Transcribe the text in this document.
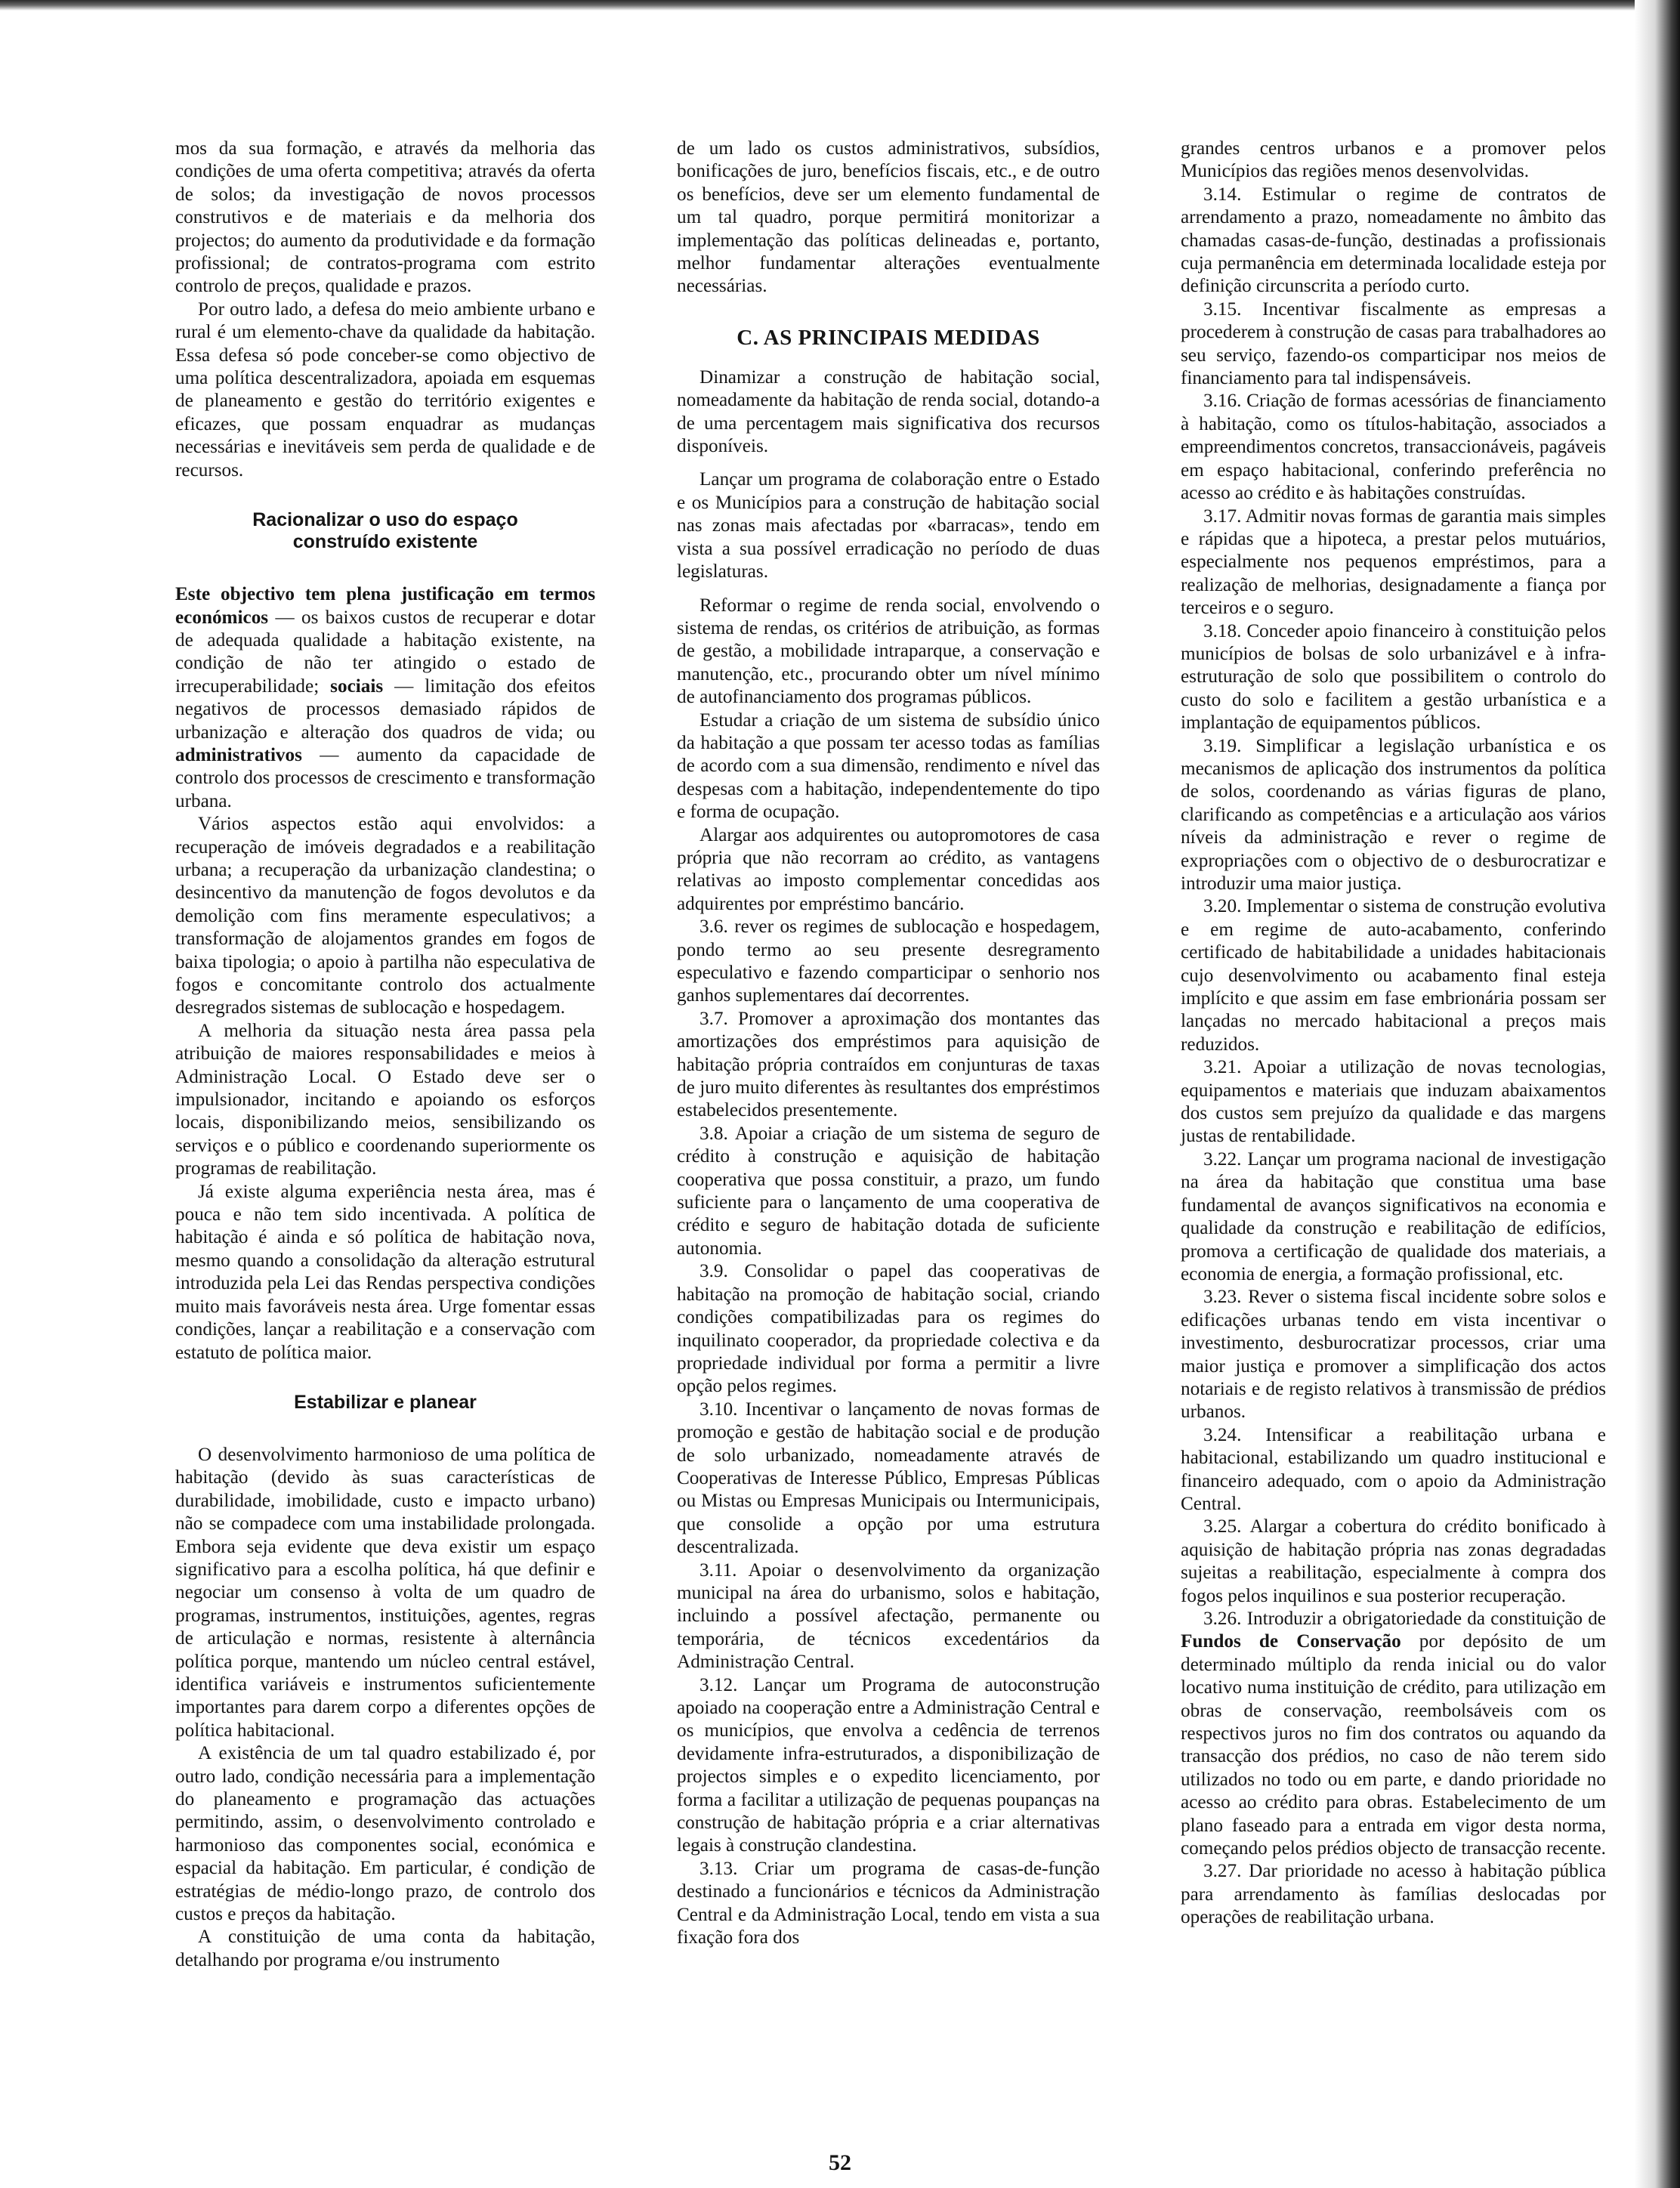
mos da sua formação, e através da melhoria das condições de uma oferta competitiva; através da oferta de solos; da investigação de novos processos construtivos e de materiais e da melhoria dos projectos; do aumento da produtividade e da formação profissional; de contratos-programa com estrito controlo de preços, qualidade e prazos.

Por outro lado, a defesa do meio ambiente urbano e rural é um elemento-chave da qualidade da habitação. Essa defesa só pode conceber-se como objectivo de uma política descentralizadora, apoiada em esquemas de planeamento e gestão do território exigentes e eficazes, que possam enquadrar as mudanças necessárias e inevitáveis sem perda de qualidade e de recursos.

Racionalizar o uso do espaço
construído existente

Este objectivo tem plena justificação em termos económicos — os baixos custos de recuperar e dotar de adequada qualidade a habitação existente, na condição de não ter atingido o estado de irrecuperabilidade; sociais — limitação dos efeitos negativos de processos demasiado rápidos de urbanização e alteração dos quadros de vida; ou administrativos — aumento da capacidade de controlo dos processos de crescimento e transformação urbana.

Vários aspectos estão aqui envolvidos: a recuperação de imóveis degradados e a reabilitação urbana; a recuperação da urbanização clandestina; o desincentivo da manutenção de fogos devolutos e da demolição com fins meramente especulativos; a transformação de alojamentos grandes em fogos de baixa tipologia; o apoio à partilha não especulativa de fogos e concomitante controlo dos actualmente desregrados sistemas de sublocação e hospedagem.

A melhoria da situação nesta área passa pela atribuição de maiores responsabilidades e meios à Administração Local. O Estado deve ser o impulsionador, incitando e apoiando os esforços locais, disponibilizando meios, sensibilizando os serviços e o público e coordenando superiormente os programas de reabilitação.

Já existe alguma experiência nesta área, mas é pouca e não tem sido incentivada. A política de habitação é ainda e só política de habitação nova, mesmo quando a consolidação da alteração estrutural introduzida pela Lei das Rendas perspectiva condições muito mais favoráveis nesta área. Urge fomentar essas condições, lançar a reabilitação e a conservação com estatuto de política maior.

Estabilizar e planear

O desenvolvimento harmonioso de uma política de habitação (devido às suas características de durabilidade, imobilidade, custo e impacto urbano) não se compadece com uma instabilidade prolongada. Embora seja evidente que deva existir um espaço significativo para a escolha política, há que definir e negociar um consenso à volta de um quadro de programas, instrumentos, instituições, agentes, regras de articulação e normas, resistente à alternância política porque, mantendo um núcleo central estável, identifica variáveis e instrumentos suficientemente importantes para darem corpo a diferentes opções de política habitacional.

A existência de um tal quadro estabilizado é, por outro lado, condição necessária para a implementação do planeamento e programação das actuações permitindo, assim, o desenvolvimento controlado e harmonioso das componentes social, económica e espacial da habitação. Em particular, é condição de estratégias de médio-longo prazo, de controlo dos custos e preços da habitação.

A constituição de uma conta da habitação, detalhando por programa e/ou instrumento

de um lado os custos administrativos, subsídios, bonificações de juro, benefícios fiscais, etc., e de outro os benefícios, deve ser um elemento fundamental de um tal quadro, porque permitirá monitorizar a implementação das políticas delineadas e, portanto, melhor fundamentar alterações eventualmente necessárias.

C. AS PRINCIPAIS MEDIDAS

Dinamizar a construção de habitação social, nomeadamente da habitação de renda social, dotando-a de uma percentagem mais significativa dos recursos disponíveis.

Lançar um programa de colaboração entre o Estado e os Municípios para a construção de habitação social nas zonas mais afectadas por «barracas», tendo em vista a sua possível erradicação no período de duas legislaturas.

Reformar o regime de renda social, envolvendo o sistema de rendas, os critérios de atribuição, as formas de gestão, a mobilidade intraparque, a conservação e manutenção, etc., procurando obter um nível mínimo de autofinanciamento dos programas públicos.

Estudar a criação de um sistema de subsídio único da habitação a que possam ter acesso todas as famílias de acordo com a sua dimensão, rendimento e nível das despesas com a habitação, independentemente do tipo e forma de ocupação.

Alargar aos adquirentes ou autopromotores de casa própria que não recorram ao crédito, as vantagens relativas ao imposto complementar concedidas aos adquirentes por empréstimo bancário.

3.6. rever os regimes de sublocação e hospedagem, pondo termo ao seu presente desregramento especulativo e fazendo comparticipar o senhorio nos ganhos suplementares daí decorrentes.

3.7. Promover a aproximação dos montantes das amortizações dos empréstimos para aquisição de habitação própria contraídos em conjunturas de taxas de juro muito diferentes às resultantes dos empréstimos estabelecidos presentemente.

3.8. Apoiar a criação de um sistema de seguro de crédito à construção e aquisição de habitação cooperativa que possa constituir, a prazo, um fundo suficiente para o lançamento de uma cooperativa de crédito e seguro de habitação dotada de suficiente autonomia.

3.9. Consolidar o papel das cooperativas de habitação na promoção de habitação social, criando condições compatibilizadas para os regimes do inquilinato cooperador, da propriedade colectiva e da propriedade individual por forma a permitir a livre opção pelos regimes.

3.10. Incentivar o lançamento de novas formas de promoção e gestão de habitação social e de produção de solo urbanizado, nomeadamente através de Cooperativas de Interesse Público, Empresas Públicas ou Mistas ou Empresas Municipais ou Intermunicipais, que consolide a opção por uma estrutura descentralizada.

3.11. Apoiar o desenvolvimento da organização municipal na área do urbanismo, solos e habitação, incluindo a possível afectação, permanente ou temporária, de técnicos excedentários da Administração Central.

3.12. Lançar um Programa de autoconstrução apoiado na cooperação entre a Administração Central e os municípios, que envolva a cedência de terrenos devidamente infra-estruturados, a disponibilização de projectos simples e o expedito licenciamento, por forma a facilitar a utilização de pequenas poupanças na construção de habitação própria e a criar alternativas legais à construção clandestina.

3.13. Criar um programa de casas-de-função destinado a funcionários e técnicos da Administração Central e da Administração Local, tendo em vista a sua fixação fora dos

grandes centros urbanos e a promover pelos Municípios das regiões menos desenvolvidas.

3.14. Estimular o regime de contratos de arrendamento a prazo, nomeadamente no âmbito das chamadas casas-de-função, destinadas a profissionais cuja permanência em determinada localidade esteja por definição circunscrita a período curto.

3.15. Incentivar fiscalmente as empresas a procederem à construção de casas para trabalhadores ao seu serviço, fazendo-os comparticipar nos meios de financiamento para tal indispensáveis.

3.16. Criação de formas acessórias de financiamento à habitação, como os títulos-habitação, associados a empreendimentos concretos, transaccionáveis, pagáveis em espaço habitacional, conferindo preferência no acesso ao crédito e às habitações construídas.

3.17. Admitir novas formas de garantia mais simples e rápidas que a hipoteca, a prestar pelos mutuários, especialmente nos pequenos empréstimos, para a realização de melhorias, designadamente a fiança por terceiros e o seguro.

3.18. Conceder apoio financeiro à constituição pelos municípios de bolsas de solo urbanizável e à infra-estruturação de solo que possibilitem o controlo do custo do solo e facilitem a gestão urbanística e a implantação de equipamentos públicos.

3.19. Simplificar a legislação urbanística e os mecanismos de aplicação dos instrumentos da política de solos, coordenando as várias figuras de plano, clarificando as competências e a articulação aos vários níveis da administração e rever o regime de expropriações com o objectivo de o desburocratizar e introduzir uma maior justiça.

3.20. Implementar o sistema de construção evolutiva e em regime de auto-acabamento, conferindo certificado de habitabilidade a unidades habitacionais cujo desenvolvimento ou acabamento final esteja implícito e que assim em fase embrionária possam ser lançadas no mercado habitacional a preços mais reduzidos.

3.21. Apoiar a utilização de novas tecnologias, equipamentos e materiais que induzam abaixamentos dos custos sem prejuízo da qualidade e das margens justas de rentabilidade.

3.22. Lançar um programa nacional de investigação na área da habitação que constitua uma base fundamental de avanços significativos na economia e qualidade da construção e reabilitação de edifícios, promova a certificação de qualidade dos materiais, a economia de energia, a formação profissional, etc.

3.23. Rever o sistema fiscal incidente sobre solos e edificações urbanas tendo em vista incentivar o investimento, desburocratizar processos, criar uma maior justiça e promover a simplificação dos actos notariais e de registo relativos à transmissão de prédios urbanos.

3.24. Intensificar a reabilitação urbana e habitacional, estabilizando um quadro institucional e financeiro adequado, com o apoio da Administração Central.

3.25. Alargar a cobertura do crédito bonificado à aquisição de habitação própria nas zonas degradadas sujeitas a reabilitação, especialmente à compra dos fogos pelos inquilinos e sua posterior recuperação.

3.26. Introduzir a obrigatoriedade da constituição de Fundos de Conservação por depósito de um determinado múltiplo da renda inicial ou do valor locativo numa instituição de crédito, para utilização em obras de conservação, reembolsáveis com os respectivos juros no fim dos contratos ou aquando da transacção dos prédios, no caso de não terem sido utilizados no todo ou em parte, e dando prioridade no acesso ao crédito para obras. Estabelecimento de um plano faseado para a entrada em vigor desta norma, começando pelos prédios objecto de transacção recente.

3.27. Dar prioridade no acesso à habitação pública para arrendamento às famílias deslocadas por operações de reabilitação urbana.

52
